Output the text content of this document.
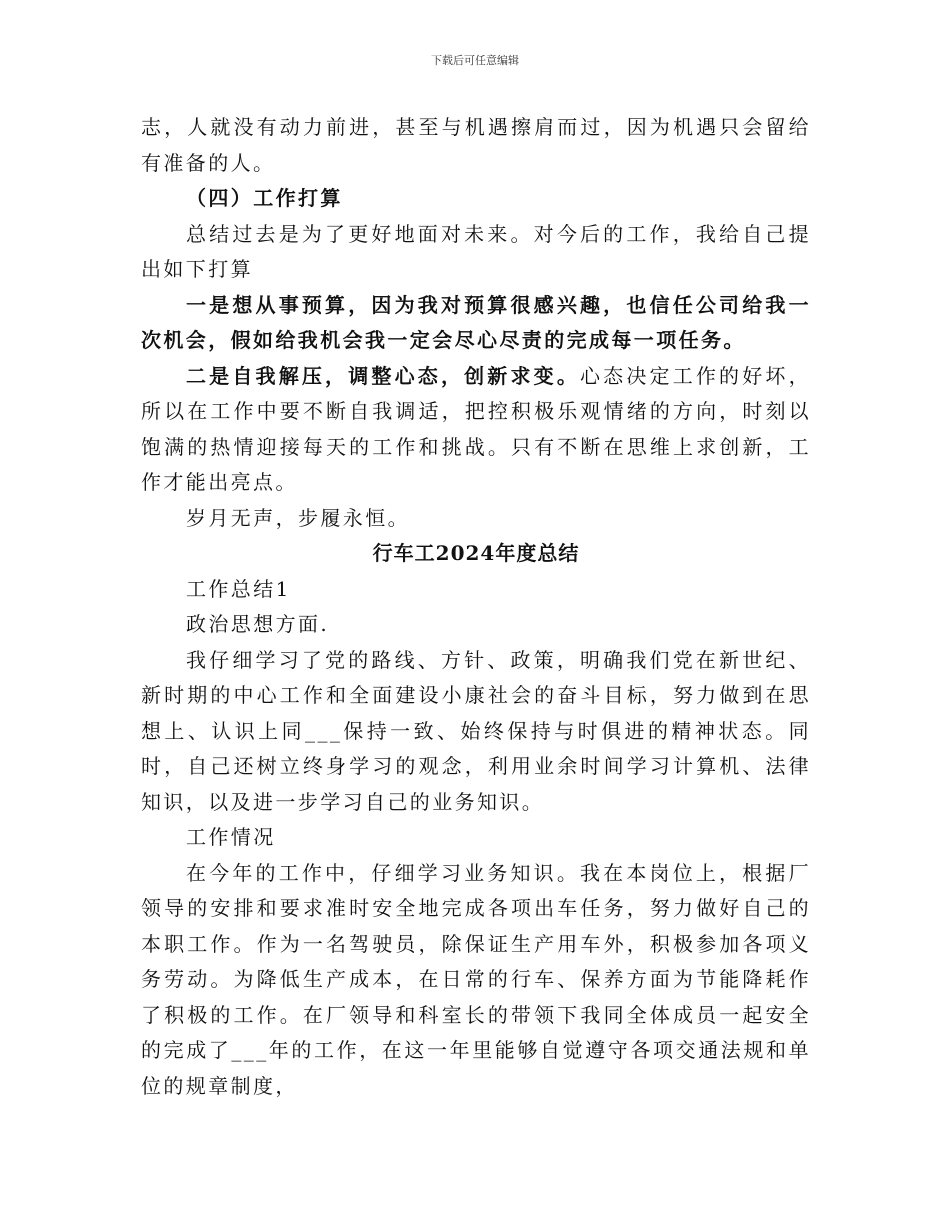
下载后可任意编辑

志，人就没有动力前进，甚至与机遇擦肩而过，因为机遇只会留给有准备的人。

（四）工作打算

总结过去是为了更好地面对未来。对今后的工作，我给自己提出如下打算

一是想从事预算，因为我对预算很感兴趣，也信任公司给我一次机会，假如给我机会我一定会尽心尽责的完成每一项任务。

二是自我解压，调整心态，创新求变。心态决定工作的好坏，所以在工作中要不断自我调适，把控积极乐观情绪的方向，时刻以饱满的热情迎接每天的工作和挑战。只有不断在思维上求创新，工作才能出亮点。

岁月无声，步履永恒。

行车工2024年度总结

工作总结1

政治思想方面.

我仔细学习了党的路线、方针、政策，明确我们党在新世纪、新时期的中心工作和全面建设小康社会的奋斗目标，努力做到在思想上、认识上同___保持一致、始终保持与时俱进的精神状态。同时，自己还树立终身学习的观念，利用业余时间学习计算机、法律知识，以及进一步学习自己的业务知识。

工作情况

在今年的工作中，仔细学习业务知识。我在本岗位上，根据厂领导的安排和要求准时安全地完成各项出车任务，努力做好自己的本职工作。作为一名驾驶员，除保证生产用车外，积极参加各项义务劳动。为降低生产成本，在日常的行车、保养方面为节能降耗作了积极的工作。在厂领导和科室长的带领下我同全体成员一起安全的完成了___年的工作，在这一年里能够自觉遵守各项交通法规和单位的规章制度，
